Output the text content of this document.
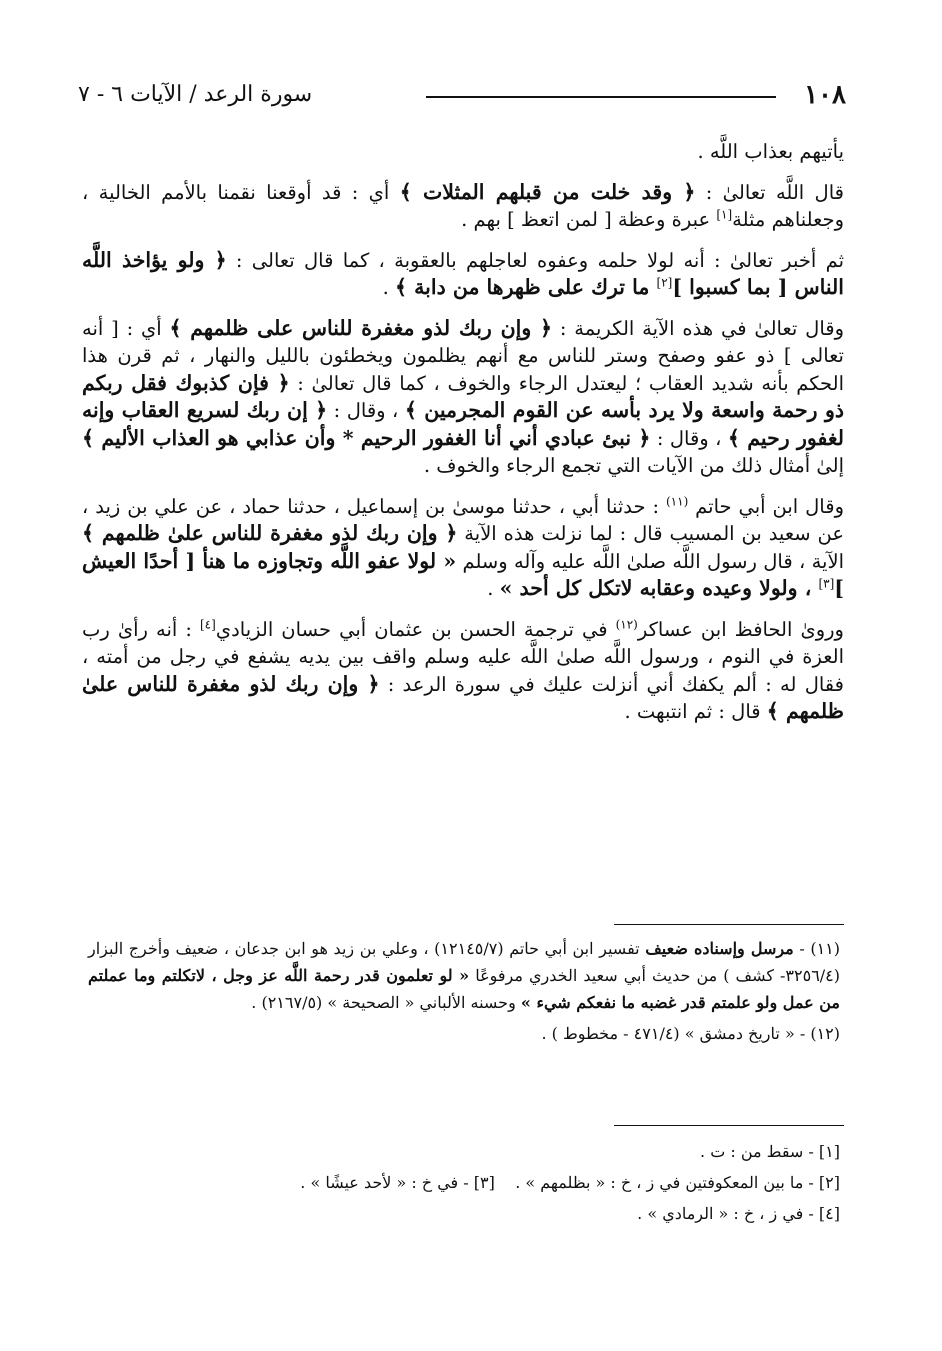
١٠٨
سورة الرعد / الآيات ٦ - ٧

يأتيهم بعذاب اللَّه .

قال اللَّه تعالىٰ : ﴿ وقد خلت من قبلهم المثلات ﴾ أي : قد أوقعنا نقمنا بالأمم الخالية ، وجعلناهم مثلة[١] عبرة وعظة [ لمن اتعظ ] بهم .

ثم أخبر تعالىٰ : أنه لولا حلمه وعفوه لعاجلهم بالعقوبة ، كما قال تعالى : ﴿ ولو يؤاخذ اللَّه الناس [ بما كسبوا ][٢] ما ترك على ظهرها من دابة ﴾ .

وقال تعالىٰ في هذه الآية الكريمة : ﴿ وإن ربك لذو مغفرة للناس على ظلمهم ﴾ أي : [ أنه تعالى ] ذو عفو وصفح وستر للناس مع أنهم يظلمون ويخطئون بالليل والنهار ، ثم قرن هذا الحكم بأنه شديد العقاب ؛ ليعتدل الرجاء والخوف ، كما قال تعالىٰ : ﴿ فإن كذبوك فقل ربكم ذو رحمة واسعة ولا يرد بأسه عن القوم المجرمين ﴾ ، وقال : ﴿ إن ربك لسريع العقاب وإنه لغفور رحيم ﴾ ، وقال : ﴿ نبئ عبادي أني أنا الغفور الرحيم * وأن عذابي هو العذاب الأليم ﴾ إلىٰ أمثال ذلك من الآيات التي تجمع الرجاء والخوف .

وقال ابن أبي حاتم $^{(١١)}$ : حدثنا أبي ، حدثنا موسىٰ بن إسماعيل ، حدثنا حماد ، عن علي بن زيد ، عن سعيد بن المسيب قال : لما نزلت هذه الآية ﴿ وإن ربك لذو مغفرة للناس علىٰ ظلمهم ﴾ الآية ، قال رسول اللَّه صلىٰ اللَّه عليه وآله وسلم « لولا عفو اللَّه وتجاوزه ما هنأ [ أحدًا العيش ][٣] ، ولولا وعيده وعقابه لاتكل كل أحد » .

وروىٰ الحافظ ابن عساكر$^{(١٢)}$ في ترجمة الحسن بن عثمان أبي حسان الزيادي[٤] : أنه رأىٰ رب العزة في النوم ، ورسول اللَّه صلىٰ اللَّه عليه وسلم واقف بين يديه يشفع في رجل من أمته ، فقال له : ألم يكفك أني أنزلت عليك في سورة الرعد : ﴿ وإن ربك لذو مغفرة للناس علىٰ ظلمهم ﴾ قال : ثم انتبهت .

(١١) - مرسل وإسناده ضعيف تفسير ابن أبي حاتم (١٢١٤٥/٧) ، وعلي بن زيد هو ابن جدعان ، ضعيف وأخرج البزار (٣٢٥٦/٤- كشف ) من حديث أبي سعيد الخدري مرفوعًا « لو تعلمون قدر رحمة اللَّه عز وجل ، لاتكلتم وما عملتم من عمل ولو علمتم قدر غضبه ما نفعكم شيء » وحسنه الألباني « الصحيحة » (٢١٦٧/٥) .

(١٢) - « تاريخ دمشق » (٤٧١/٤ - مخطوط ) .

[١] - سقط من : ت .

[٢] - ما بين المعكوفتين في ز ، خ : « بظلمهم » .    [٣] - في خ : « لأحد عيشًا » .

[٤] - في ز ، خ : « الرمادي » .
